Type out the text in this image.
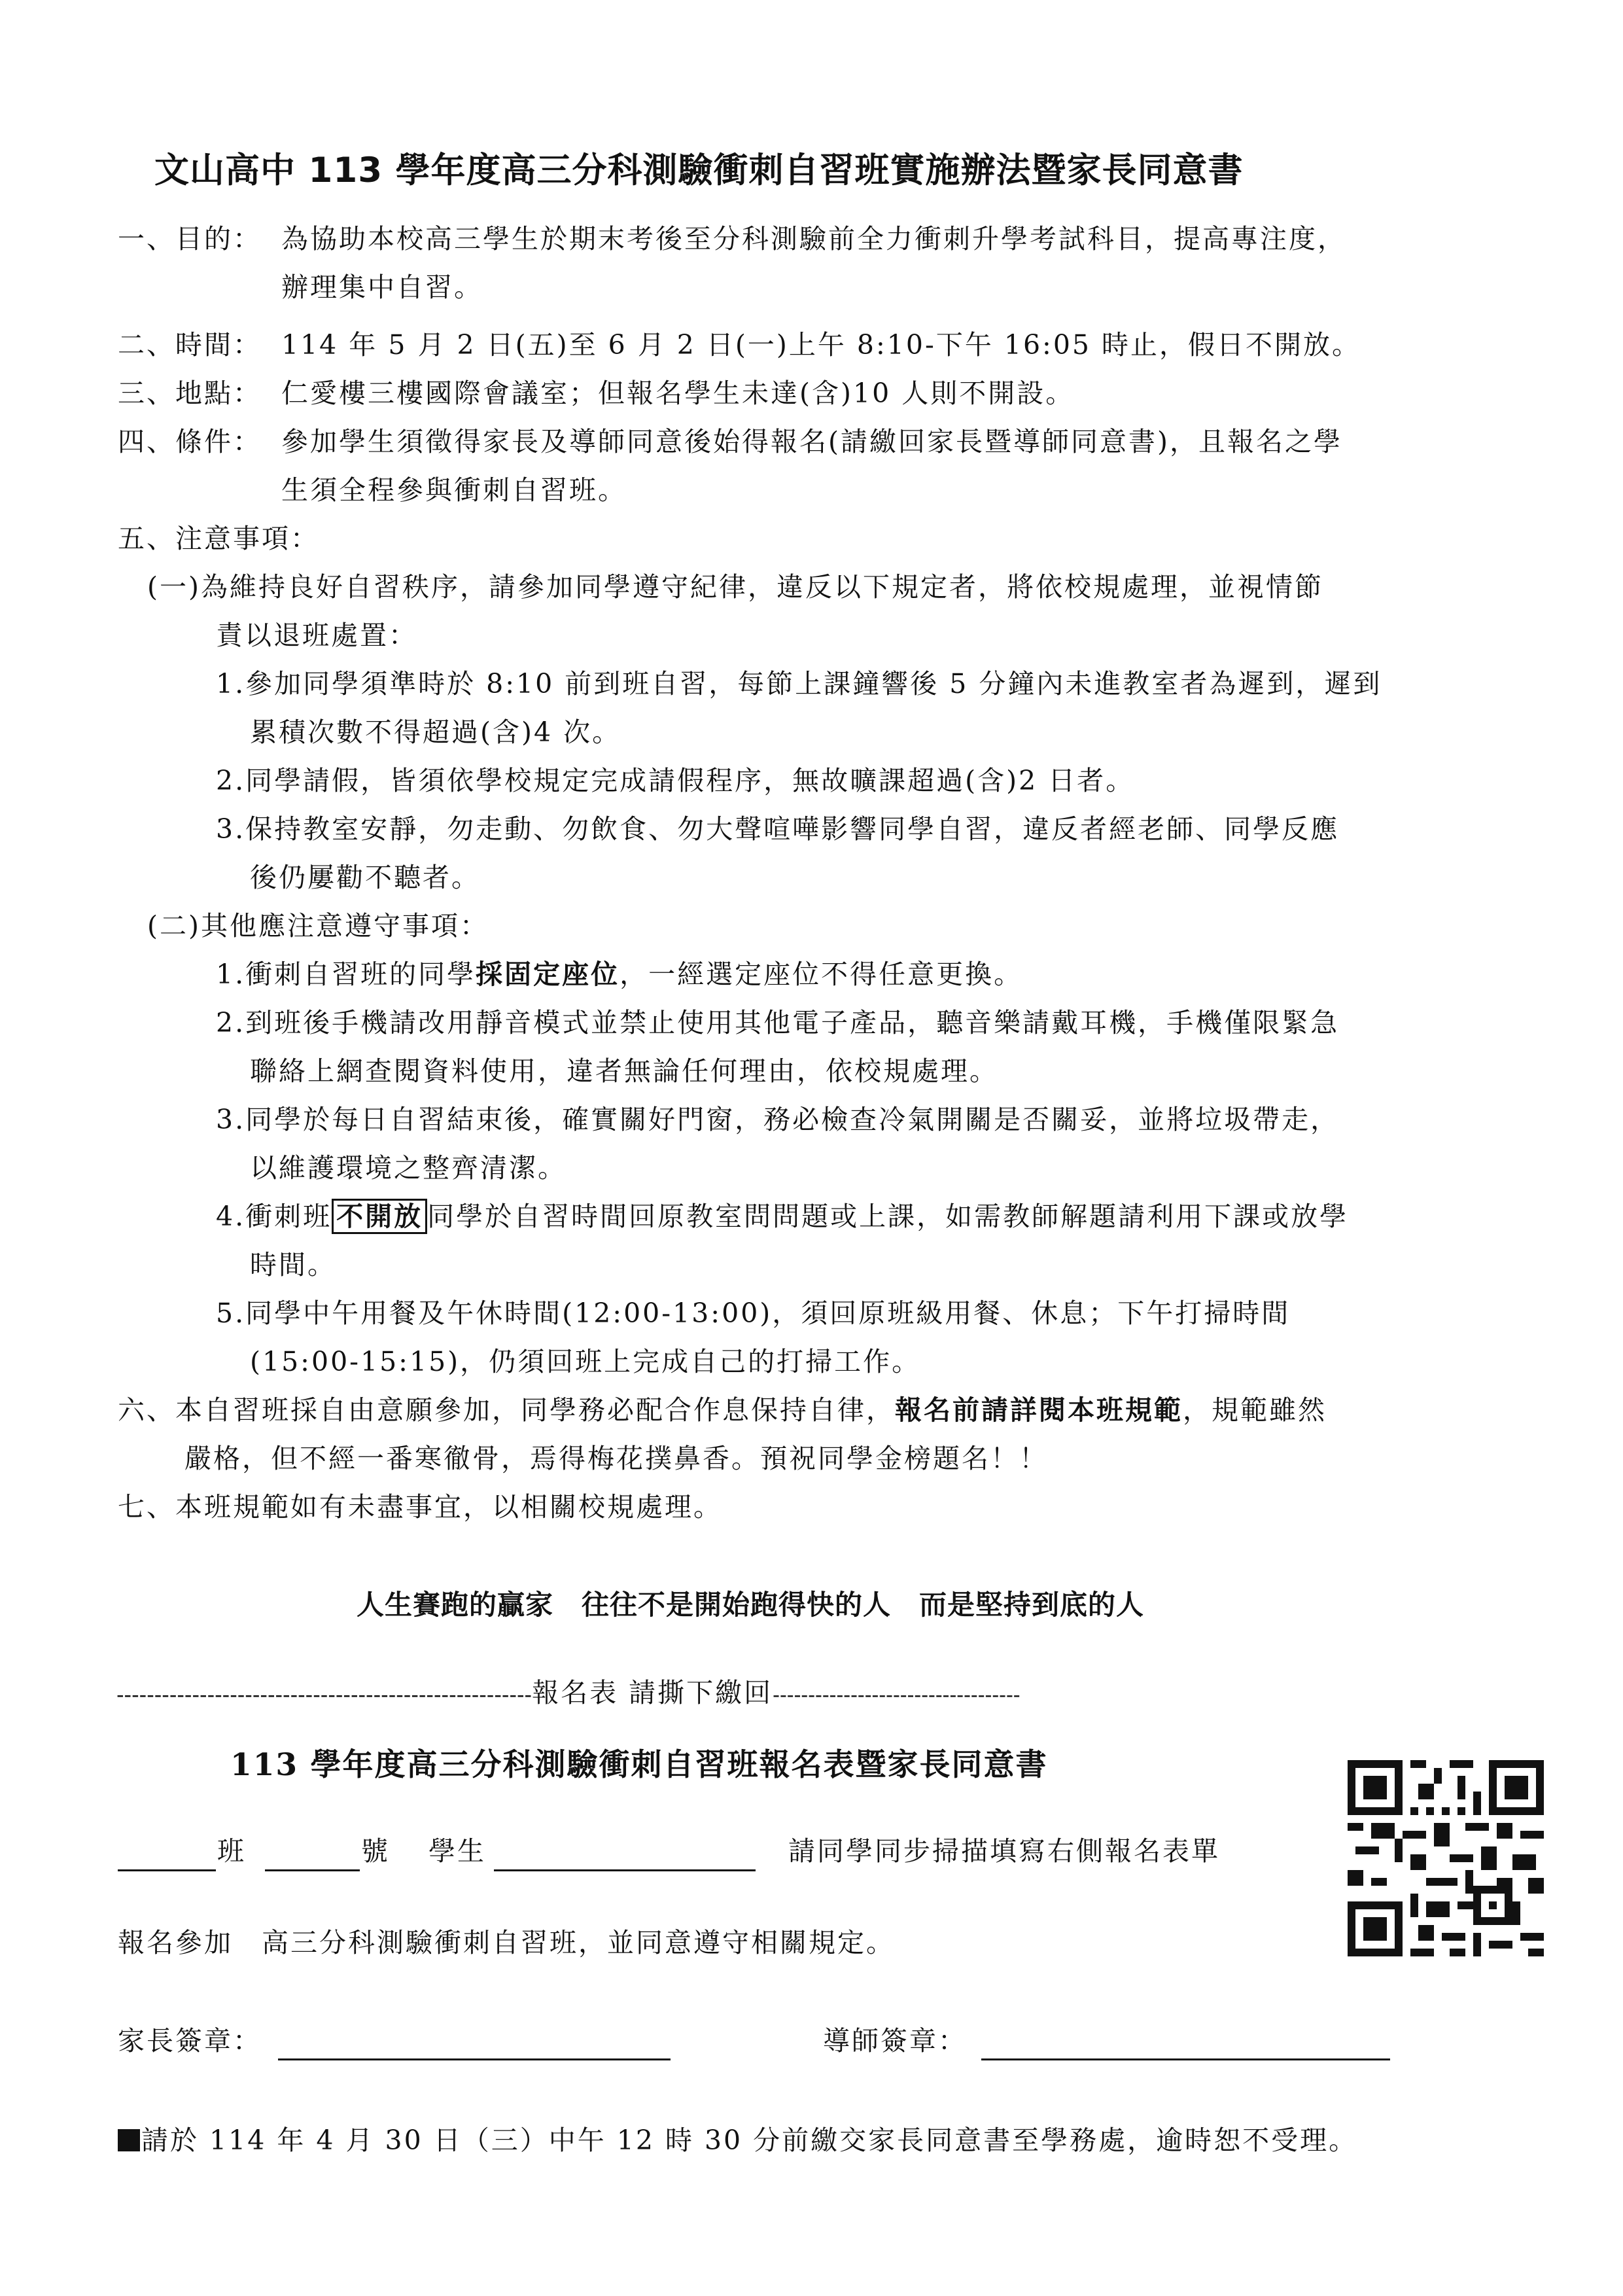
文山高中 113 學年度高三分科測驗衝刺自習班實施辦法暨家長同意書
一、目的： 為協助本校高三學生於期末考後至分科測驗前全力衝刺升學考試科目，提高專注度，
辦理集中自習。
二、時間： 114 年 5 月 2 日(五)至 6 月 2 日(一)上午 8:10-下午 16:05 時止，假日不開放。
三、地點： 仁愛樓三樓國際會議室；但報名學生未達(含)10 人則不開設。
四、條件： 參加學生須徵得家長及導師同意後始得報名(請繳回家長暨導師同意書)，且報名之學
生須全程參與衝刺自習班。
五、注意事項：
(一)為維持良好自習秩序，請參加同學遵守紀律，違反以下規定者，將依校規處理，並視情節
責以退班處置：
1.參加同學須準時於 8:10 前到班自習，每節上課鐘響後 5 分鐘內未進教室者為遲到，遲到
累積次數不得超過(含)4 次。
2.同學請假，皆須依學校規定完成請假程序，無故曠課超過(含)2 日者。
3.保持教室安靜，勿走動、勿飲食、勿大聲喧嘩影響同學自習，違反者經老師、同學反應
後仍屢勸不聽者。
(二)其他應注意遵守事項：
1.衝刺自習班的同學採固定座位，一經選定座位不得任意更換。
2.到班後手機請改用靜音模式並禁止使用其他電子產品，聽音樂請戴耳機，手機僅限緊急
聯絡上網查閱資料使用，違者無論任何理由，依校規處理。
3.同學於每日自習結束後，確實關好門窗，務必檢查冷氣開關是否關妥，並將垃圾帶走，
以維護環境之整齊清潔。
4.衝刺班 不開放 同學於自習時間回原教室問問題或上課，如需教師解題請利用下課或放學
時間。
5.同學中午用餐及午休時間(12:00-13:00)，須回原班級用餐、休息；下午打掃時間
(15:00-15:15)，仍須回班上完成自己的打掃工作。
六、本自習班採自由意願參加，同學務必配合作息保持自律，報名前請詳閱本班規範，規範雖然
嚴格，但不經一番寒徹骨，焉得梅花撲鼻香。預祝同學金榜題名！！
七、本班規範如有未盡事宜，以相關校規處理。
人生賽跑的贏家　往往不是開始跑得快的人　而是堅持到底的人
-------------------------------------------------------報名表 請撕下繳回-----------------------------------
113 學年度高三分科測驗衝刺自習班報名表暨家長同意書
班	號 學生	請同學同步掃描填寫右側報名表單
報名參加　高三分科測驗衝刺自習班，並同意遵守相關規定。
家長簽章：	導師簽章：
請於 114 年 4 月 30 日（三）中午 12 時 30 分前繳交家長同意書至學務處，逾時恕不受理。
